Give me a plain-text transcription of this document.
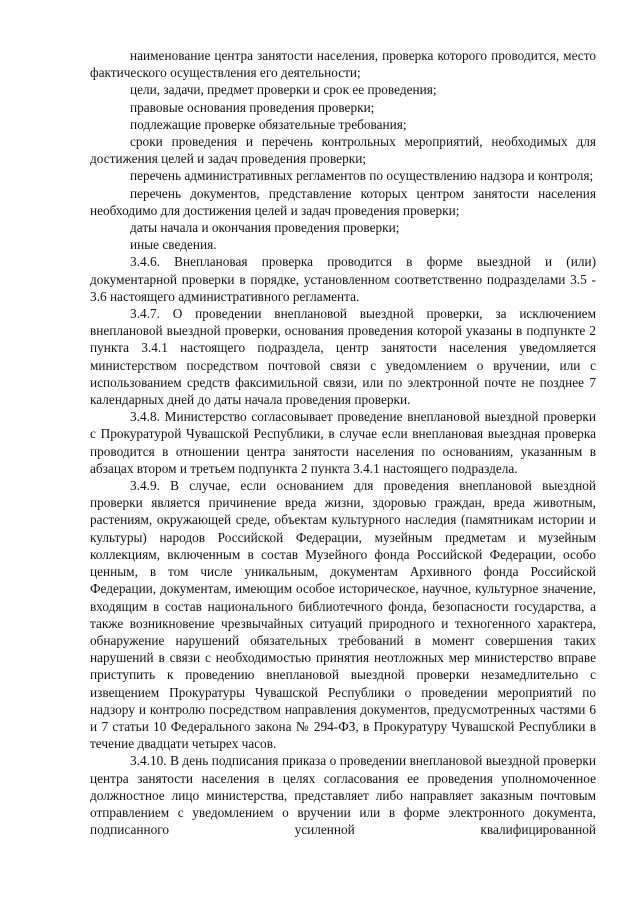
наименование центра занятости населения, проверка которого проводится, место фактического осуществления его деятельности;

цели, задачи, предмет проверки и срок ее проведения;

правовые основания проведения проверки;

подлежащие проверке обязательные требования;

сроки проведения и перечень контрольных мероприятий, необходимых для достижения целей и задач проведения проверки;

перечень административных регламентов по осуществлению надзора и контроля;

перечень документов, представление которых центром занятости населения необходимо для достижения целей и задач проведения проверки;

даты начала и окончания проведения проверки;

иные сведения.

3.4.6. Внеплановая проверка проводится в форме выездной и (или) документарной проверки в порядке, установленном соответственно подразделами 3.5 - 3.6 настоящего административного регламента.

3.4.7. О проведении внеплановой выездной проверки, за исключением внеплановой выездной проверки, основания проведения которой указаны в подпункте 2 пункта 3.4.1 настоящего подраздела, центр занятости населения уведомляется министерством посредством почтовой связи с уведомлением о вручении, или с использованием средств факсимильной связи, или по электронной почте не позднее 7 календарных дней до даты начала проведения проверки.

3.4.8. Министерство согласовывает проведение внеплановой выездной проверки с Прокуратурой Чувашской Республики, в случае если внеплановая выездная проверка проводится в отношении центра занятости населения по основаниям, указанным в абзацах втором и третьем подпункта 2 пункта 3.4.1 настоящего подраздела.

3.4.9. В случае, если основанием для проведения внеплановой выездной проверки является причинение вреда жизни, здоровью граждан, вреда животным, растениям, окружающей среде, объектам культурного наследия (памятникам истории и культуры) народов Российской Федерации, музейным предметам и музейным коллекциям, включенным в состав Музейного фонда Российской Федерации, особо ценным, в том числе уникальным, документам Архивного фонда Российской Федерации, документам, имеющим особое историческое, научное, культурное значение, входящим в состав национального библиотечного фонда, безопасности государства, а также возникновение чрезвычайных ситуаций природного и техногенного характера, обнаружение нарушений обязательных требований в момент совершения таких нарушений в связи с необходимостью принятия неотложных мер министерство вправе приступить к проведению внеплановой выездной проверки незамедлительно с извещением Прокуратуры Чувашской Республики о проведении мероприятий по надзору и контролю посредством направления документов, предусмотренных частями 6 и 7 статьи 10 Федерального закона № 294-ФЗ, в Прокуратуру Чувашской Республики в течение двадцати четырех часов.

3.4.10. В день подписания приказа о проведении внеплановой выездной проверки центра занятости населения в целях согласования ее проведения уполномоченное должностное лицо министерства, представляет либо направляет заказным почтовым отправлением с уведомлением о вручении или в форме электронного документа, подписанного усиленной квалифицированной
